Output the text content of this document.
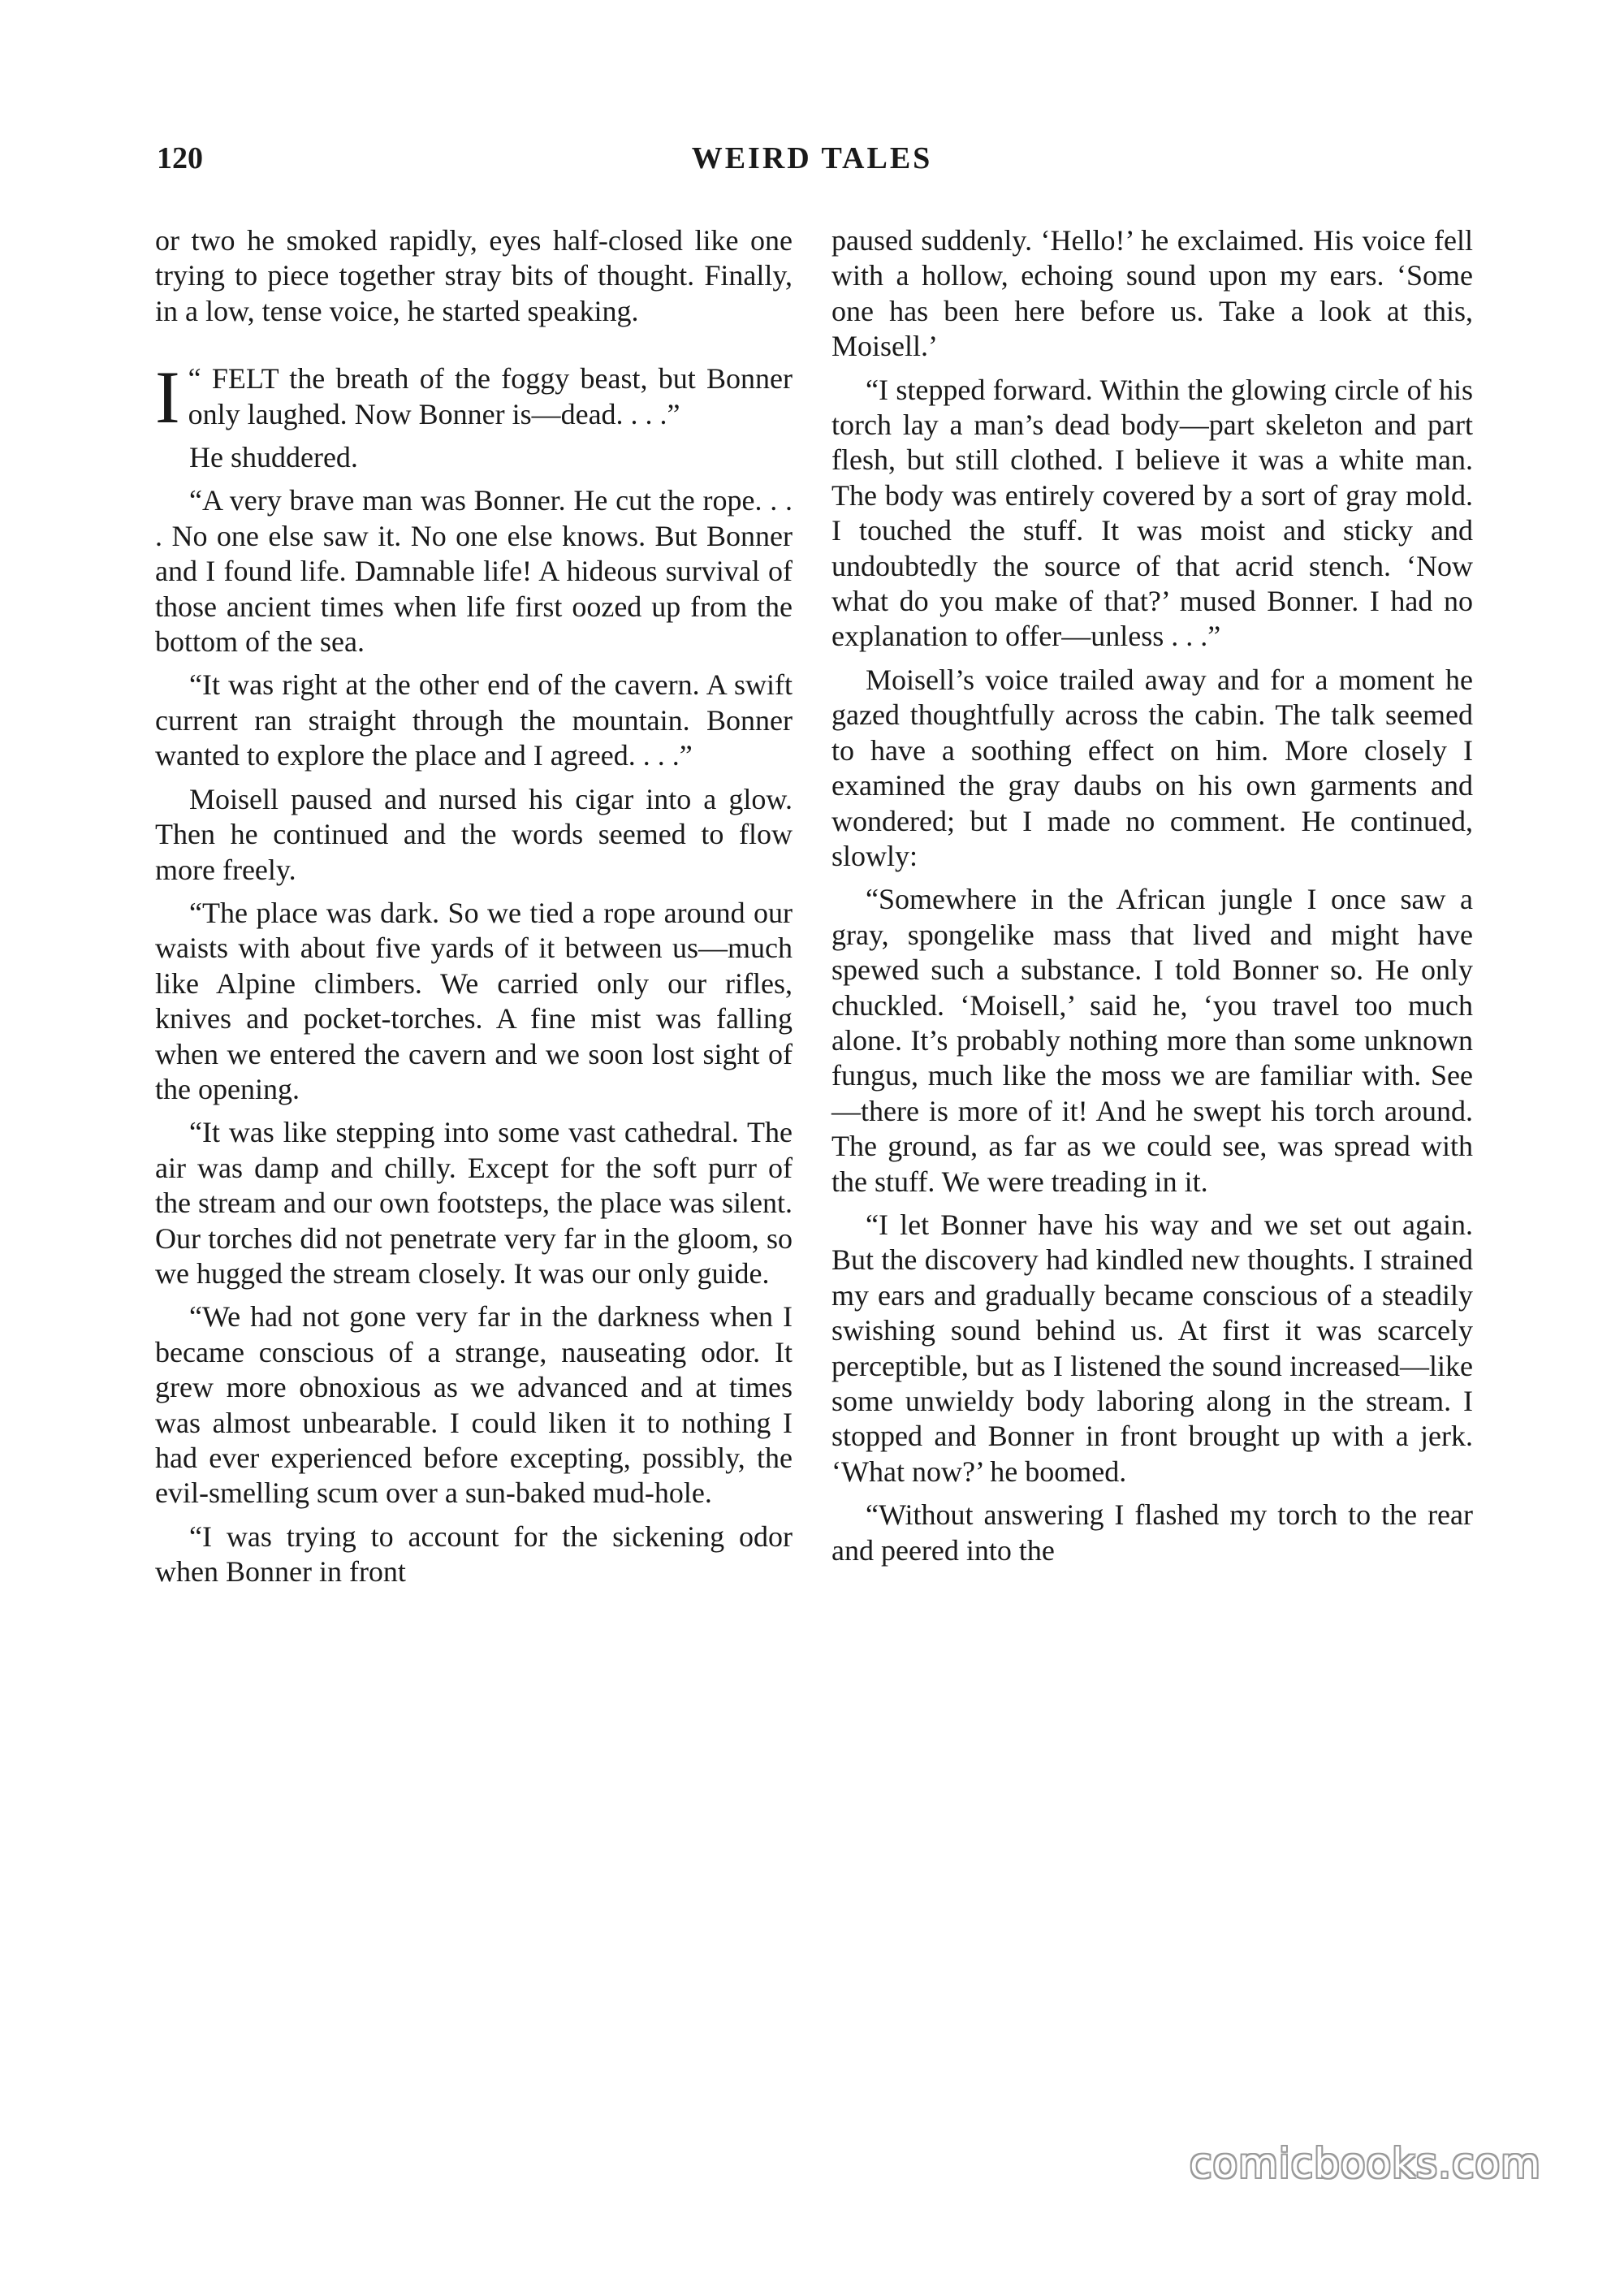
120	WEIRD TALES

or two he smoked rapidly, eyes half-closed like one trying to piece together stray bits of thought. Finally, in a low, tense voice, he started speaking.

“
I FELT the breath of the foggy beast, but Bonner only laughed. Now Bonner is—dead. . . .”

He shuddered.

“A very brave man was Bonner. He cut the rope. . . . No one else saw it. No one else knows. But Bonner and I found life. Damnable life! A hideous survival of those ancient times when life first oozed up from the bottom of the sea.

“It was right at the other end of the cavern. A swift current ran straight through the mountain. Bonner wanted to explore the place and I agreed. . . .”

Moisell paused and nursed his cigar into a glow. Then he continued and the words seemed to flow more freely.

“The place was dark. So we tied a rope around our waists with about five yards of it between us—much like Alpine climbers. We carried only our rifles, knives and pocket-torches. A fine mist was falling when we entered the cavern and we soon lost sight of the opening.

“It was like stepping into some vast cathedral. The air was damp and chilly. Except for the soft purr of the stream and our own footsteps, the place was silent. Our torches did not penetrate very far in the gloom, so we hugged the stream closely. It was our only guide.

“We had not gone very far in the darkness when I became conscious of a strange, nauseating odor. It grew more obnoxious as we advanced and at times was almost unbearable. I could liken it to nothing I had ever experienced before excepting, possibly, the evil-smelling scum over a sun-baked mud-hole.

“I was trying to account for the sickening odor when Bonner in front

paused suddenly. ‘Hello!’ he exclaimed. His voice fell with a hollow, echoing sound upon my ears. ‘Some one has been here before us. Take a look at this, Moisell.’

“I stepped forward. Within the glowing circle of his torch lay a man’s dead body—part skeleton and part flesh, but still clothed. I believe it was a white man. The body was entirely covered by a sort of gray mold. I touched the stuff. It was moist and sticky and undoubtedly the source of that acrid stench. ‘Now what do you make of that?’ mused Bonner. I had no explanation to offer—unless . . .”

Moisell’s voice trailed away and for a moment he gazed thoughtfully across the cabin. The talk seemed to have a soothing effect on him. More closely I examined the gray daubs on his own garments and wondered; but I made no comment. He continued, slowly:

“Somewhere in the African jungle I once saw a gray, spongelike mass that lived and might have spewed such a substance. I told Bonner so. He only chuckled. ‘Moisell,’ said he, ‘you travel too much alone. It’s probably nothing more than some unknown fungus, much like the moss we are familiar with. See—there is more of it! And he swept his torch around. The ground, as far as we could see, was spread with the stuff. We were treading in it.

“I let Bonner have his way and we set out again. But the discovery had kindled new thoughts. I strained my ears and gradually became conscious of a steadily swishing sound behind us. At first it was scarcely perceptible, but as I listened the sound increased—like some unwieldy body laboring along in the stream. I stopped and Bonner in front brought up with a jerk. ‘What now?’ he boomed.

“Without answering I flashed my torch to the rear and peered into the

comicbooks.com
